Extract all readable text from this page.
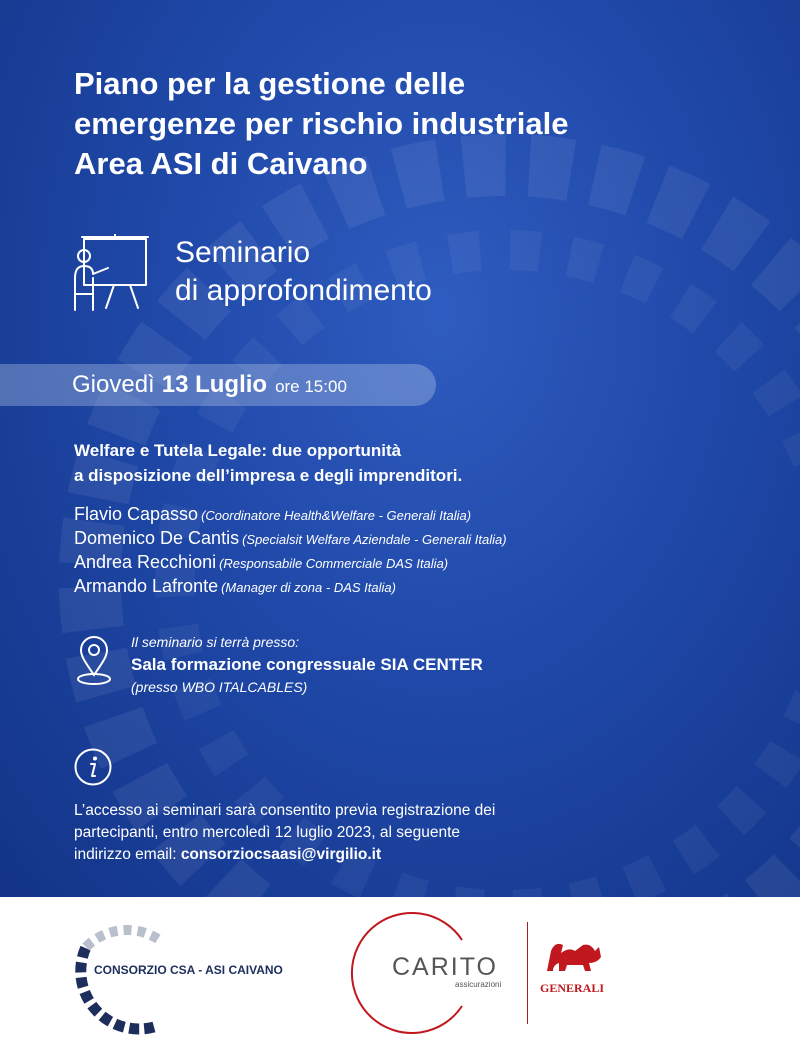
Piano per la gestione delle
emergenze per rischio industriale
Area ASI di Caivano
Seminario
di approfondimento
Giovedì 13 Luglio ore 15:00
Welfare e Tutela Legale: due opportunità
a disposizione dell’impresa e degli imprenditori.
Flavio Capasso (Coordinatore Health&Welfare - Generali Italia)
Domenico De Cantis (Specialsit Welfare Aziendale - Generali Italia)
Andrea Recchioni (Responsabile Commerciale DAS Italia)
Armando Lafronte (Manager di zona - DAS Italia)
Il seminario si terrà presso:
Sala formazione congressuale SIA CENTER
(presso WBO ITALCABLES)
L’accesso ai seminari sarà consentito previa registrazione dei
partecipanti, entro mercoledì 12 luglio 2023, al seguente
indirizzo email: consorziocsaasi@virgilio.it
CONSORZIO CSA - ASI CAIVANO	CARITO
assicurazioni	GENERALI
